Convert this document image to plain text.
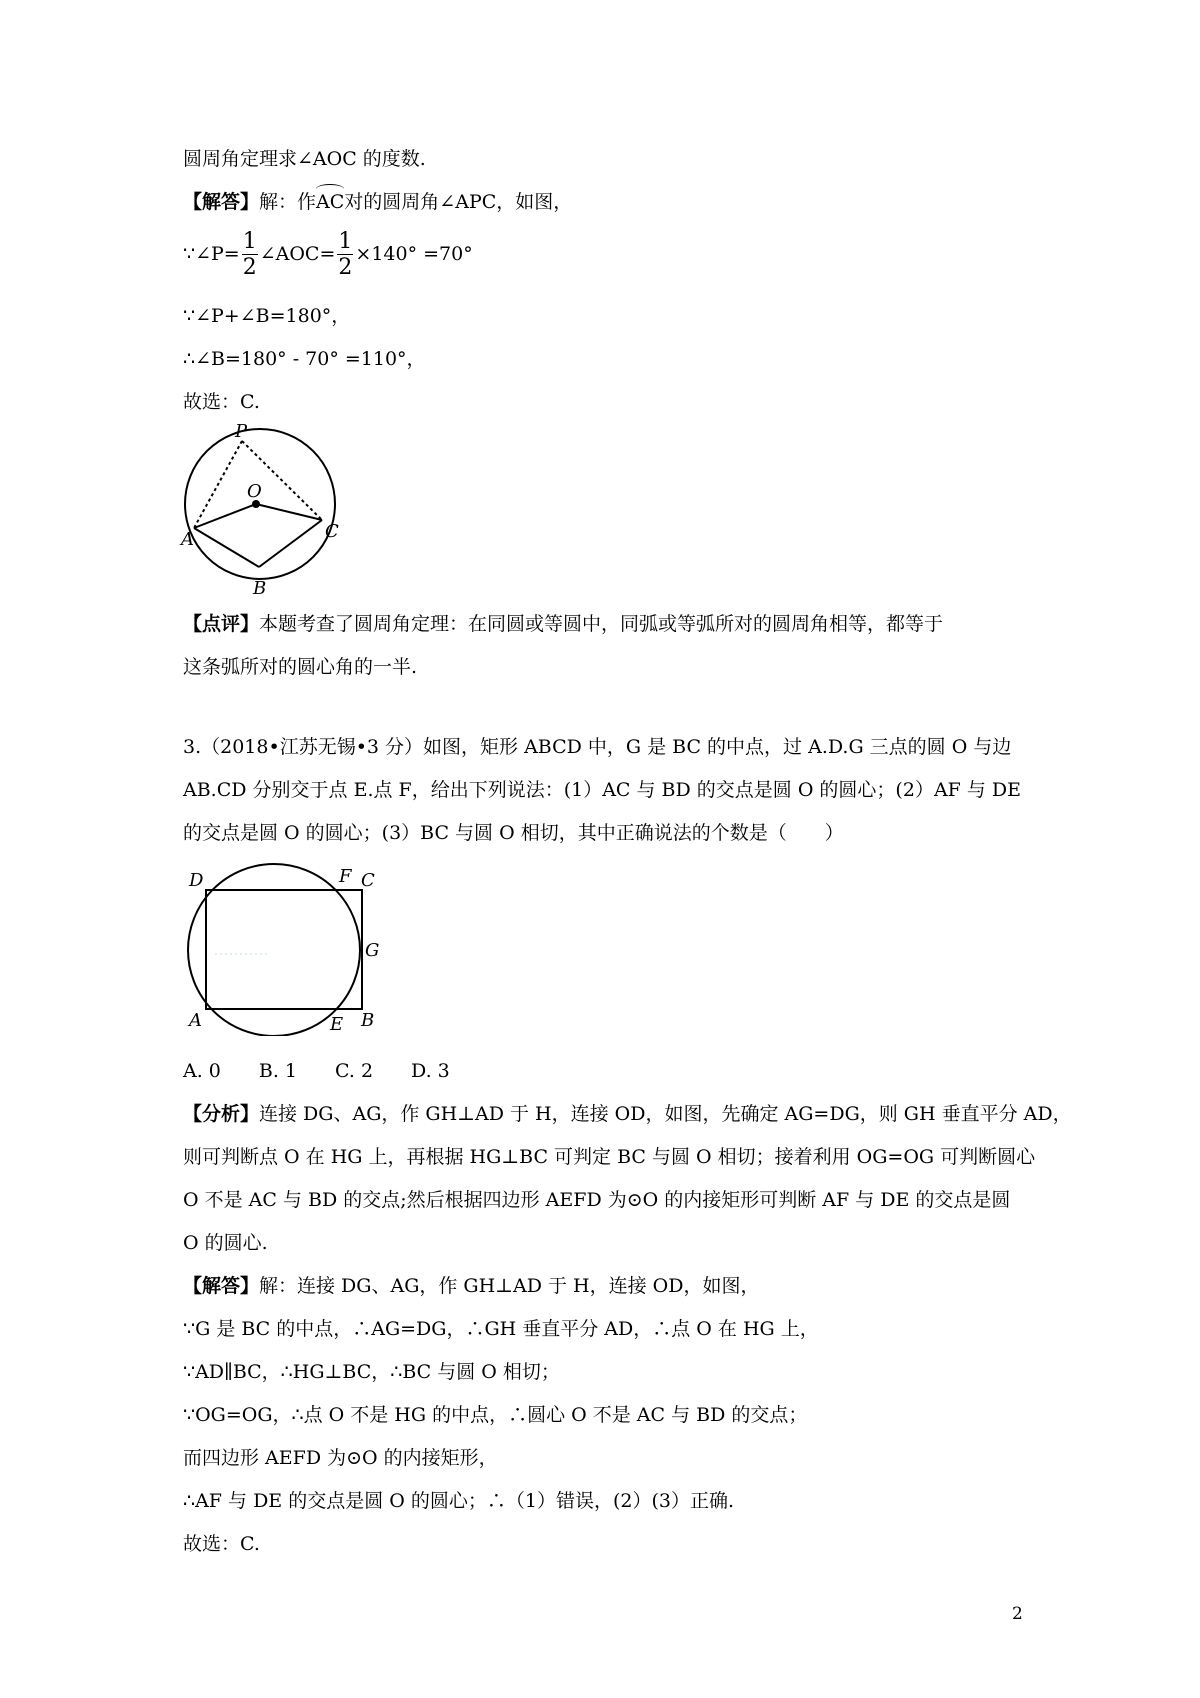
圆周角定理求∠AOC 的度数.
【解答】解：作AC对的圆周角∠APC，如图，
∵∠P= $\frac{1}{2}$ ∠AOC= $\frac{1}{2} \times 140^\circ =70^\circ$
∵∠P+∠B=180°，
∴∠B=180° - 70° =110°，
故选：C.
P
O
A
B
C
【点评】本题考查了圆周角定理：在同圆或等圆中，同弧或等弧所对的圆周角相等，都等于
这条弧所对的圆心角的一半.
3.（2018•江苏无锡•3 分）如图，矩形 ABCD 中，G 是 BC 的中点，过 A.D.G 三点的圆 O 与边
AB.CD 分别交于点 E.点 F，给出下列说法：(1）AC 与 BD 的交点是圆 O 的圆心；(2）AF 与 DE
的交点是圆 O 的圆心；(3）BC 与圆 O 相切，其中正确说法的个数是（　　）
D	F C
G
A	E B
A. 0　　B. 1　　C. 2　　D. 3
【分析】连接 DG、AG，作 GH⊥AD 于 H，连接 OD，如图，先确定 AG=DG，则 GH 垂直平分 AD，
则可判断点 O 在 HG 上，再根据 HG⊥BC 可判定 BC 与圆 O 相切；接着利用 OG=OG 可判断圆心
O 不是 AC 与 BD 的交点;然后根据四边形 AEFD 为⊙O 的内接矩形可判断 AF 与 DE 的交点是圆
O 的圆心.
【解答】解：连接 DG、AG，作 GH⊥AD 于 H，连接 OD，如图，
∵G 是 BC 的中点，∴AG=DG，∴GH 垂直平分 AD，∴点 O 在 HG 上，
∵AD∥BC，∴HG⊥BC，∴BC 与圆 O 相切；
∵OG=OG，∴点 O 不是 HG 的中点，∴圆心 O 不是 AC 与 BD 的交点；
而四边形 AEFD 为⊙O 的内接矩形，
∴AF 与 DE 的交点是圆 O 的圆心；∴（1）错误，(2）(3）正确.
故选：C.
2
